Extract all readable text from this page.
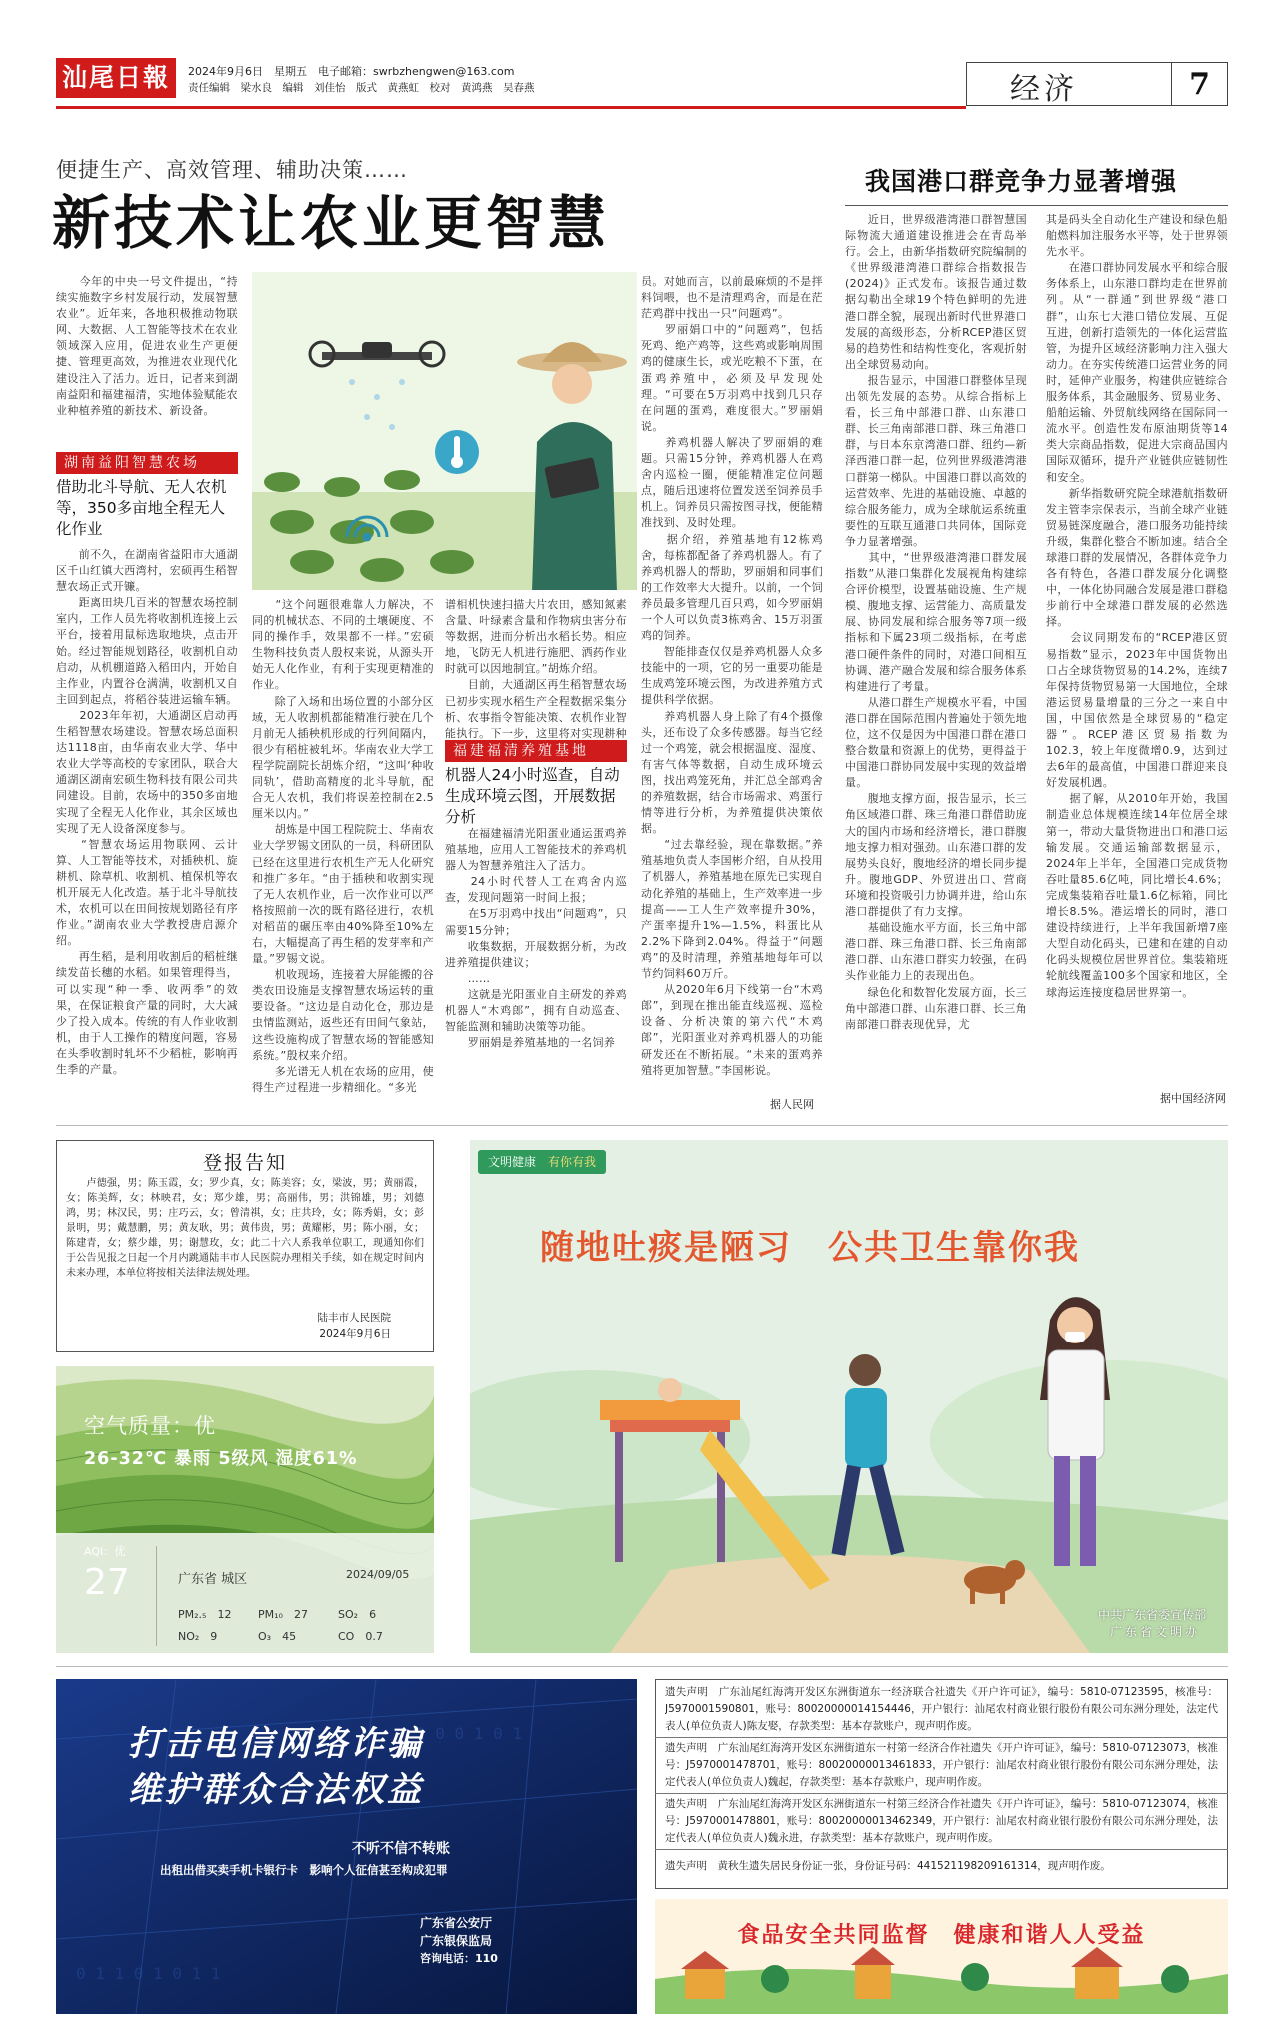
汕尾日報	2024年9月6日　星期五　电子邮箱：swrbzhengwen@163.com
责任编辑　梁水良　编辑　刘佳怡　版式　黄燕虹　校对　黄鸿燕　吴春燕	经济	7
便捷生产、高效管理、辅助决策……
新技术让农业更智慧
　　今年的中央一号文件提出，“持续实施数字乡村发展行动，发展智慧农业”。近年来，各地积极推动物联网、大数据、人工智能等技术在农业领域深入应用，促进农业生产更便捷、管理更高效，为推进农业现代化建设注入了活力。近日，记者来到湖南益阳和福建福清，实地体验赋能农业种植养殖的新技术、新设备。
湖南益阳智慧农场
借助北斗导航、无人农机等，350多亩地全程无人化作业
　　前不久，在湖南省益阳市大通湖区千山红镇大西湾村，宏硕再生稻智慧农场正式开镰。
　　距离田块几百米的智慧农场控制室内，工作人员先将收割机连接上云平台，接着用鼠标选取地块，点击开始。经过智能规划路径，收割机自动启动，从机棚道路入稻田内，开始自主作业，内置谷仓满满，收割机又自主回到起点，将稻谷装进运输车辆。
　　2023年年初，大通湖区启动再生稻智慧农场建设。智慧农场总面积达1118亩，由华南农业大学、华中农业大学等高校的专家团队，联合大通湖区湖南宏硕生物科技有限公司共同建设。目前，农场中的350多亩地实现了全程无人化作业，其余区域也实现了无人设备深度参与。
　　“智慧农场运用物联网、云计算、人工智能等技术，对插秧机、旋耕机、除草机、收割机、植保机等农机开展无人化改造。基于北斗导航技术，农机可以在田间按规划路径有序作业。”湖南农业大学教授唐启源介绍。
　　再生稻，是利用收割后的稻桩继续发苗长穗的水稻。如果管理得当，可以实现“种一季、收两季”的效果，在保证粮食产量的同时，大大减少了投入成本。传统的有人作业收割机，由于人工操作的精度问题，容易在头季收割时轧坏不少稻桩，影响再生季的产量。
　　“这个问题很难靠人力解决，不同的机械状态、不同的土壤硬度、不同的操作手，效果都不一样。”宏硕生物科技负责人殷权来说，从源头开始无人化作业，有利于实现更精准的作业。
　　除了入场和出场位置的小部分区域，无人收割机都能精准行驶在几个月前无人插秧机形成的行列间隔内，很少有稻桩被轧坏。华南农业大学工程学院副院长胡炼介绍，“这叫‘种收同轨’，借助高精度的北斗导航，配合无人农机，我们将误差控制在2.5厘米以内。”
　　胡炼是中国工程院院士、华南农业大学罗锡文团队的一员，科研团队已经在这里进行农机生产无人化研究和推广多年。“由于插秧和收割实现了无人农机作业，后一次作业可以严格按照前一次的既有路径进行，农机对稻苗的碾压率由40%降至10%左右，大幅提高了再生稻的发芽率和产量。”罗锡文说。
　　机收现场，连接着大屏能搬的谷类农田设施是支撑智慧农场运转的重要设备。“这边是自动化仓，那边是虫情监测站，返些还有田间气象站，这些设施构成了智慧农场的智能感知系统。”殷权来介绍。
　　多光谱无人机在农场的应用，使得生产过程进一步精细化。“多光
谱相机快速扫描大片农田，感知氮素含量、叶绿素含量和作物病虫害分布等数据，进而分析出水稻长势。相应地，飞防无人机进行施肥、洒药作业时就可以因地制宜。”胡炼介绍。
　　目前，大通湖区再生稻智慧农场已初步实现水稻生产全程数据采集分析、农事指令智能决策、农机作业智能执行。下一步，这里将对实现耕种
福建福清养殖基地
机器人24小时巡查，自动生成环境云图，开展数据分析
　　在福建福清光阳蛋业通运蛋鸡养殖基地，应用人工智能技术的养鸡机器人为智慧养殖注入了活力。
　　24小时代替人工在鸡舍内巡查，发现问题第一时间上报；
　　在5万羽鸡中找出“问题鸡”，只需要15分钟；
　　收集数据，开展数据分析，为改进养殖提供建议；
　　……
　　这就是光阳蛋业自主研发的养鸡机器人“木鸡郎”，拥有自动巡查、智能监测和辅助决策等功能。
　　罗丽娟是养殖基地的一名饲养
员。对她而言，以前最麻烦的不是拌料饲喂，也不是清理鸡舍，而是在茫茫鸡群中找出一只“问题鸡”。
　　罗丽娟口中的“问题鸡”，包括死鸡、绝产鸡等，这些鸡或影响周围鸡的健康生长，或光吃粮不下蛋，在蛋鸡养殖中，必须及早发现处理。“可要在5万羽鸡中找到几只存在问题的蛋鸡，难度很大。”罗丽娟说。
　　养鸡机器人解决了罗丽娟的难题。只需15分钟，养鸡机器人在鸡舍内巡检一圈，便能精准定位问题点，随后迅速将位置发送至饲养员手机上。饲养员只需按图寻找，便能精准找到、及时处理。
　　据介绍，养殖基地有12栋鸡舍，每栋都配备了养鸡机器人。有了养鸡机器人的帮助，罗丽娟和同事们的工作效率大大提升。以前，一个饲养员最多管理几百只鸡，如今罗丽娟一个人可以负责3栋鸡舍、15万羽蛋鸡的饲养。
　　智能排查仅仅是养鸡机器人众多技能中的一项，它的另一重要功能是生成鸡笼环境云图，为改进养殖方式提供科学依据。
　　养鸡机器人身上除了有4个摄像头，还布设了众多传感器。每当它经过一个鸡笼，就会根据温度、湿度、有害气体等数据，自动生成环境云图，找出鸡笼死角，并汇总全部鸡舍的养殖数据，结合市场需求、鸡蛋行情等进行分析，为养殖提供决策依据。
　　“过去靠经验，现在靠数据。”养殖基地负责人李国彬介绍，自从投用了机器人，养殖基地在原先已实现自动化养殖的基础上，生产效率进一步提高——工人生产效率提升30%，产蛋率提升1%—1.5%，料蛋比从2.2%下降到2.04%。得益于“问题鸡”的及时清理，养殖基地每年可以节约饲料60万斤。
　　从2020年6月下线第一台“木鸡郎”，到现在推出能直线巡视、巡检设备、分析决策的第六代“木鸡郎”，光阳蛋业对养鸡机器人的功能研发还在不断拓展。“未来的蛋鸡养殖将更加智慧。”李国彬说。
据人民网
我国港口群竞争力显著增强
　　近日，世界级港湾港口群智慧国际物流大通道建设推进会在青岛举行。会上，由新华指数研究院编制的《世界级港湾港口群综合指数报告(2024)》正式发布。该报告通过数据勾勒出全球19个特色鲜明的先进港口群全貌，展现出新时代世界港口发展的高级形态，分析RCEP港区贸易的趋势性和结构性变化，客观折射出全球贸易动向。
　　报告显示，中国港口群整体呈现出领先发展的态势。从综合指标上看，长三角中部港口群、山东港口群、长三角南部港口群、珠三角港口群，与日本东京湾港口群、纽约—新泽西港口群一起，位列世界级港湾港口群第一梯队。中国港口群以高效的运营效率、先进的基础设施、卓越的综合服务能力，成为全球航运系统重要性的互联互通港口共同体，国际竞争力显著增强。
　　其中，“世界级港湾港口群发展指数”从港口集群化发展视角构建综合评价模型，设置基础设施、生产规模、腹地支撑、运营能力、高质量发展、协同发展和综合服务等7项一级指标和下属23项二级指标，在考虑港口硬件条件的同时，对港口间相互协调、港产融合发展和综合服务体系构建进行了考量。
　　从港口群生产规模水平看，中国港口群在国际范围内普遍处于领先地位，这不仅是因为中国港口群在港口整合数量和资源上的优势，更得益于中国港口群协同发展中实现的效益增量。
　　腹地支撑方面，报告显示，长三角区域港口群、珠三角港口群借助庞大的国内市场和经济增长，港口群腹地支撑力相对强劲。山东港口群的发展势头良好，腹地经济的增长同步提升。腹地GDP、外贸进出口、营商环境和投资吸引力协调并进，给山东港口群提供了有力支撑。
　　基础设施水平方面，长三角中部港口群、珠三角港口群、长三角南部港口群、山东港口群实力较强，在码头作业能力上的表现出色。
　　绿色化和数智化发展方面，长三角中部港口群、山东港口群、长三角南部港口群表现优异，尤
其是码头全自动化生产建设和绿色船舶燃料加注服务水平等，处于世界领先水平。
　　在港口群协同发展水平和综合服务体系上，山东港口群均走在世界前列。从“一群通”到世界级“港口群”，山东七大港口错位发展、互促互进，创新打造领先的一体化运营监管，为提升区域经济影响力注入强大动力。在夯实传统港口运营业务的同时，延伸产业服务，构建供应链综合服务体系，其金融服务、贸易业务、船舶运输、外贸航线网络在国际同一流水平。创造性发布原油期货等14类大宗商品指数，促进大宗商品国内国际双循环，提升产业链供应链韧性和安全。
　　新华指数研究院全球港航指数研发主管李宗保表示，当前全球产业链贸易链深度融合，港口服务功能持续升级，集群化整合不断加速。结合全球港口群的发展情况，各群体竞争力各有特色，各港口群发展分化调整中，一体化协同融合发展是港口群稳步前行中全球港口群发展的必然选择。
　　会议同期发布的“RCEP港区贸易指数”显示，2023年中国货物出口占全球货物贸易的14.2%，连续7年保持货物贸易第一大国地位，全球港运贸易量增量的三分之一来自中国，中国依然是全球贸易的“稳定器”。RCEP港区贸易指数为102.3，较上年度微增0.9，达到过去6年的最高值，中国港口群迎来良好发展机遇。
　　据了解，从2010年开始，我国制造业总体规模连续14年位居全球第一，带动大量货物进出口和港口运输发展。交通运输部数据显示，2024年上半年，全国港口完成货物吞吐量85.6亿吨，同比增长4.6%；完成集装箱吞吐量1.6亿标箱，同比增长8.5%。港运增长的同时，港口建设持续进行，上半年我国新增7座大型自动化码头，已建和在建的自动化码头规模位居世界首位。集装箱班轮航线覆盖100多个国家和地区，全球海运连接度稳居世界第一。
据中国经济网
登报告知
　　卢德强，男；陈玉霞，女；罗少真，女；陈美容；女，梁波，男；黄丽霞，女；陈美辉，女；林映君，女；郑少雄，男；高丽伟，男；洪锦雄，男；刘德鸿，男；林汉民，男；庄巧云，女；曾清祺，女；庄共玲，女；陈秀娟，女；彭景明，男；戴慧鹏，男；黄友耿，男；黄伟贵，男；黄耀彬，男；陈小丽，女；陈建青，女；蔡少雄，男；谢慧玫，女；此二十六人系我单位职工，现通知你们于公告见报之日起一个月内跳通陆丰市人民医院办理相关手续，如在规定时间内未来办理，本单位将按相关法律法规处理。
陆丰市人民医院
2024年9月6日
空气质量：优
26-32℃ 暴雨 5级风 湿度61%
AQI：优
27	广东省 城区	2024/09/05
PM₂.₅　 12	PM₁₀　 27	SO₂　 6
NO₂　 9	O₃　 45	CO　 0.7
文明健康　 有你有我
随地吐痰是陋习　公共卫生靠你我
中共广东省委宣传部
广东省文明办
0 1 1 0 1 0 1 1
1 0 0 1 0 1
打击电信网络诈骗
维护群众合法权益
不听不信不转账
出租出借买卖手机卡银行卡　影响个人征信甚至构成犯罪
广东省公安厅
广东银保监局
咨询电话：110
遗失声明　广东汕尾红海湾开发区东洲街道东一经济联合社遗失《开户许可证》，编号：5810-07123595，核准号：J5970001590801，账号：80020000014154446，开户银行：汕尾农村商业银行股份有限公司东洲分理处，法定代表人(单位负责人)陈友娶，存款类型：基本存款账户，现声明作废。
遗失声明　广东汕尾红海湾开发区东洲街道东一村第一经济合作社遗失《开户许可证》，编号：5810-07123073，核准号：J5970001478701，账号：80020000013461833，开户银行：汕尾农村商业银行股份有限公司东洲分理处，法定代表人(单位负责人)魏起，存款类型：基本存款账户，现声明作废。
遗失声明　广东汕尾红海湾开发区东洲街道东一村第三经济合作社遗失《开户许可证》，编号：5810-07123074，核准号：J5970001478801，账号：80020000013462349，开户银行：汕尾农村商业银行股份有限公司东洲分理处，法定代表人(单位负责人)魏永进，存款类型：基本存款账户，现声明作废。
遗失声明　黄秋生遗失居民身份证一张，身份证号码：441521198209161314，现声明作废。
食品安全共同监督　健康和谐人人受益
